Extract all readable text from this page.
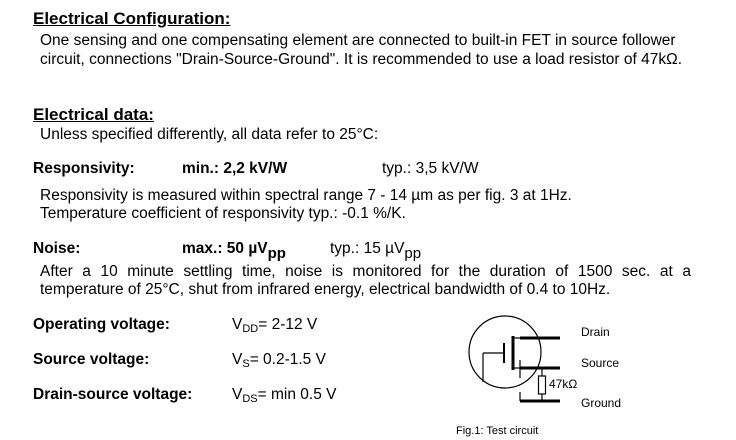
Electrical Configuration:
One sensing and one compensating element are connected to built-in FET in source follower
circuit, connections "Drain-Source-Ground". It is recommended to use a load resistor of 47kΩ.
Electrical data:
Unless specified differently, all data refer to 25°C:
Responsivity:	min.: 2,2 kV/W	typ.: 3,5 kV/W
Responsivity is measured within spectral range 7 - 14 µm as per fig. 3 at 1Hz.
Temperature coefficient of responsivity typ.: -0.1 %/K.
Noise:	max.: 50 µV$_{pp}$	typ.: 15 µV$_{pp}$
After a 10 minute settling time, noise is monitored for the duration of 1500 sec. at a
temperature of 25°C, shut from infrared energy, electrical bandwidth of 0.4 to 10Hz.
Operating voltage:	$V_{DD}= 2-12$ V
Source voltage:	$V_S= 0.2-1.5$ V
Drain-source voltage:	$V_{DS}= \min 0.5$ V
Drain
Source
47kΩ
Ground
Fig.1: Test circuit
